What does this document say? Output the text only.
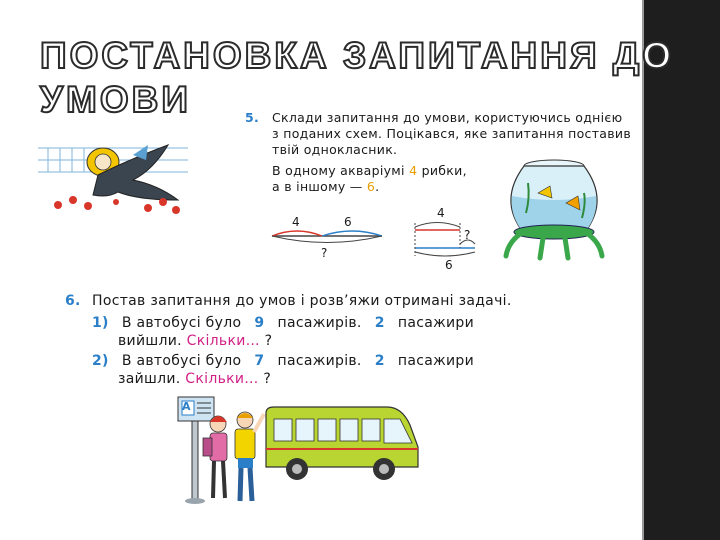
ПОСТАНОВКА ЗАПИТАННЯ ДО
УМОВИ	5. Склади запитання до умови, користуючись однією
з поданих схем. Поцікався, яке запитання поставив
твій однокласник.
В одному акваріумі 4 рибки,
а в іншому — 6.
4	6
?
4
?
6
6. Постав запитання до умов і розв’яжи отримані задачі.
1) В автобусі було 9 пасажирів. 2 пасажири
вийшли. Скільки… ?
2) В автобусі було 7 пасажирів. 2 пасажири
зайшли. Скільки… ?
А
